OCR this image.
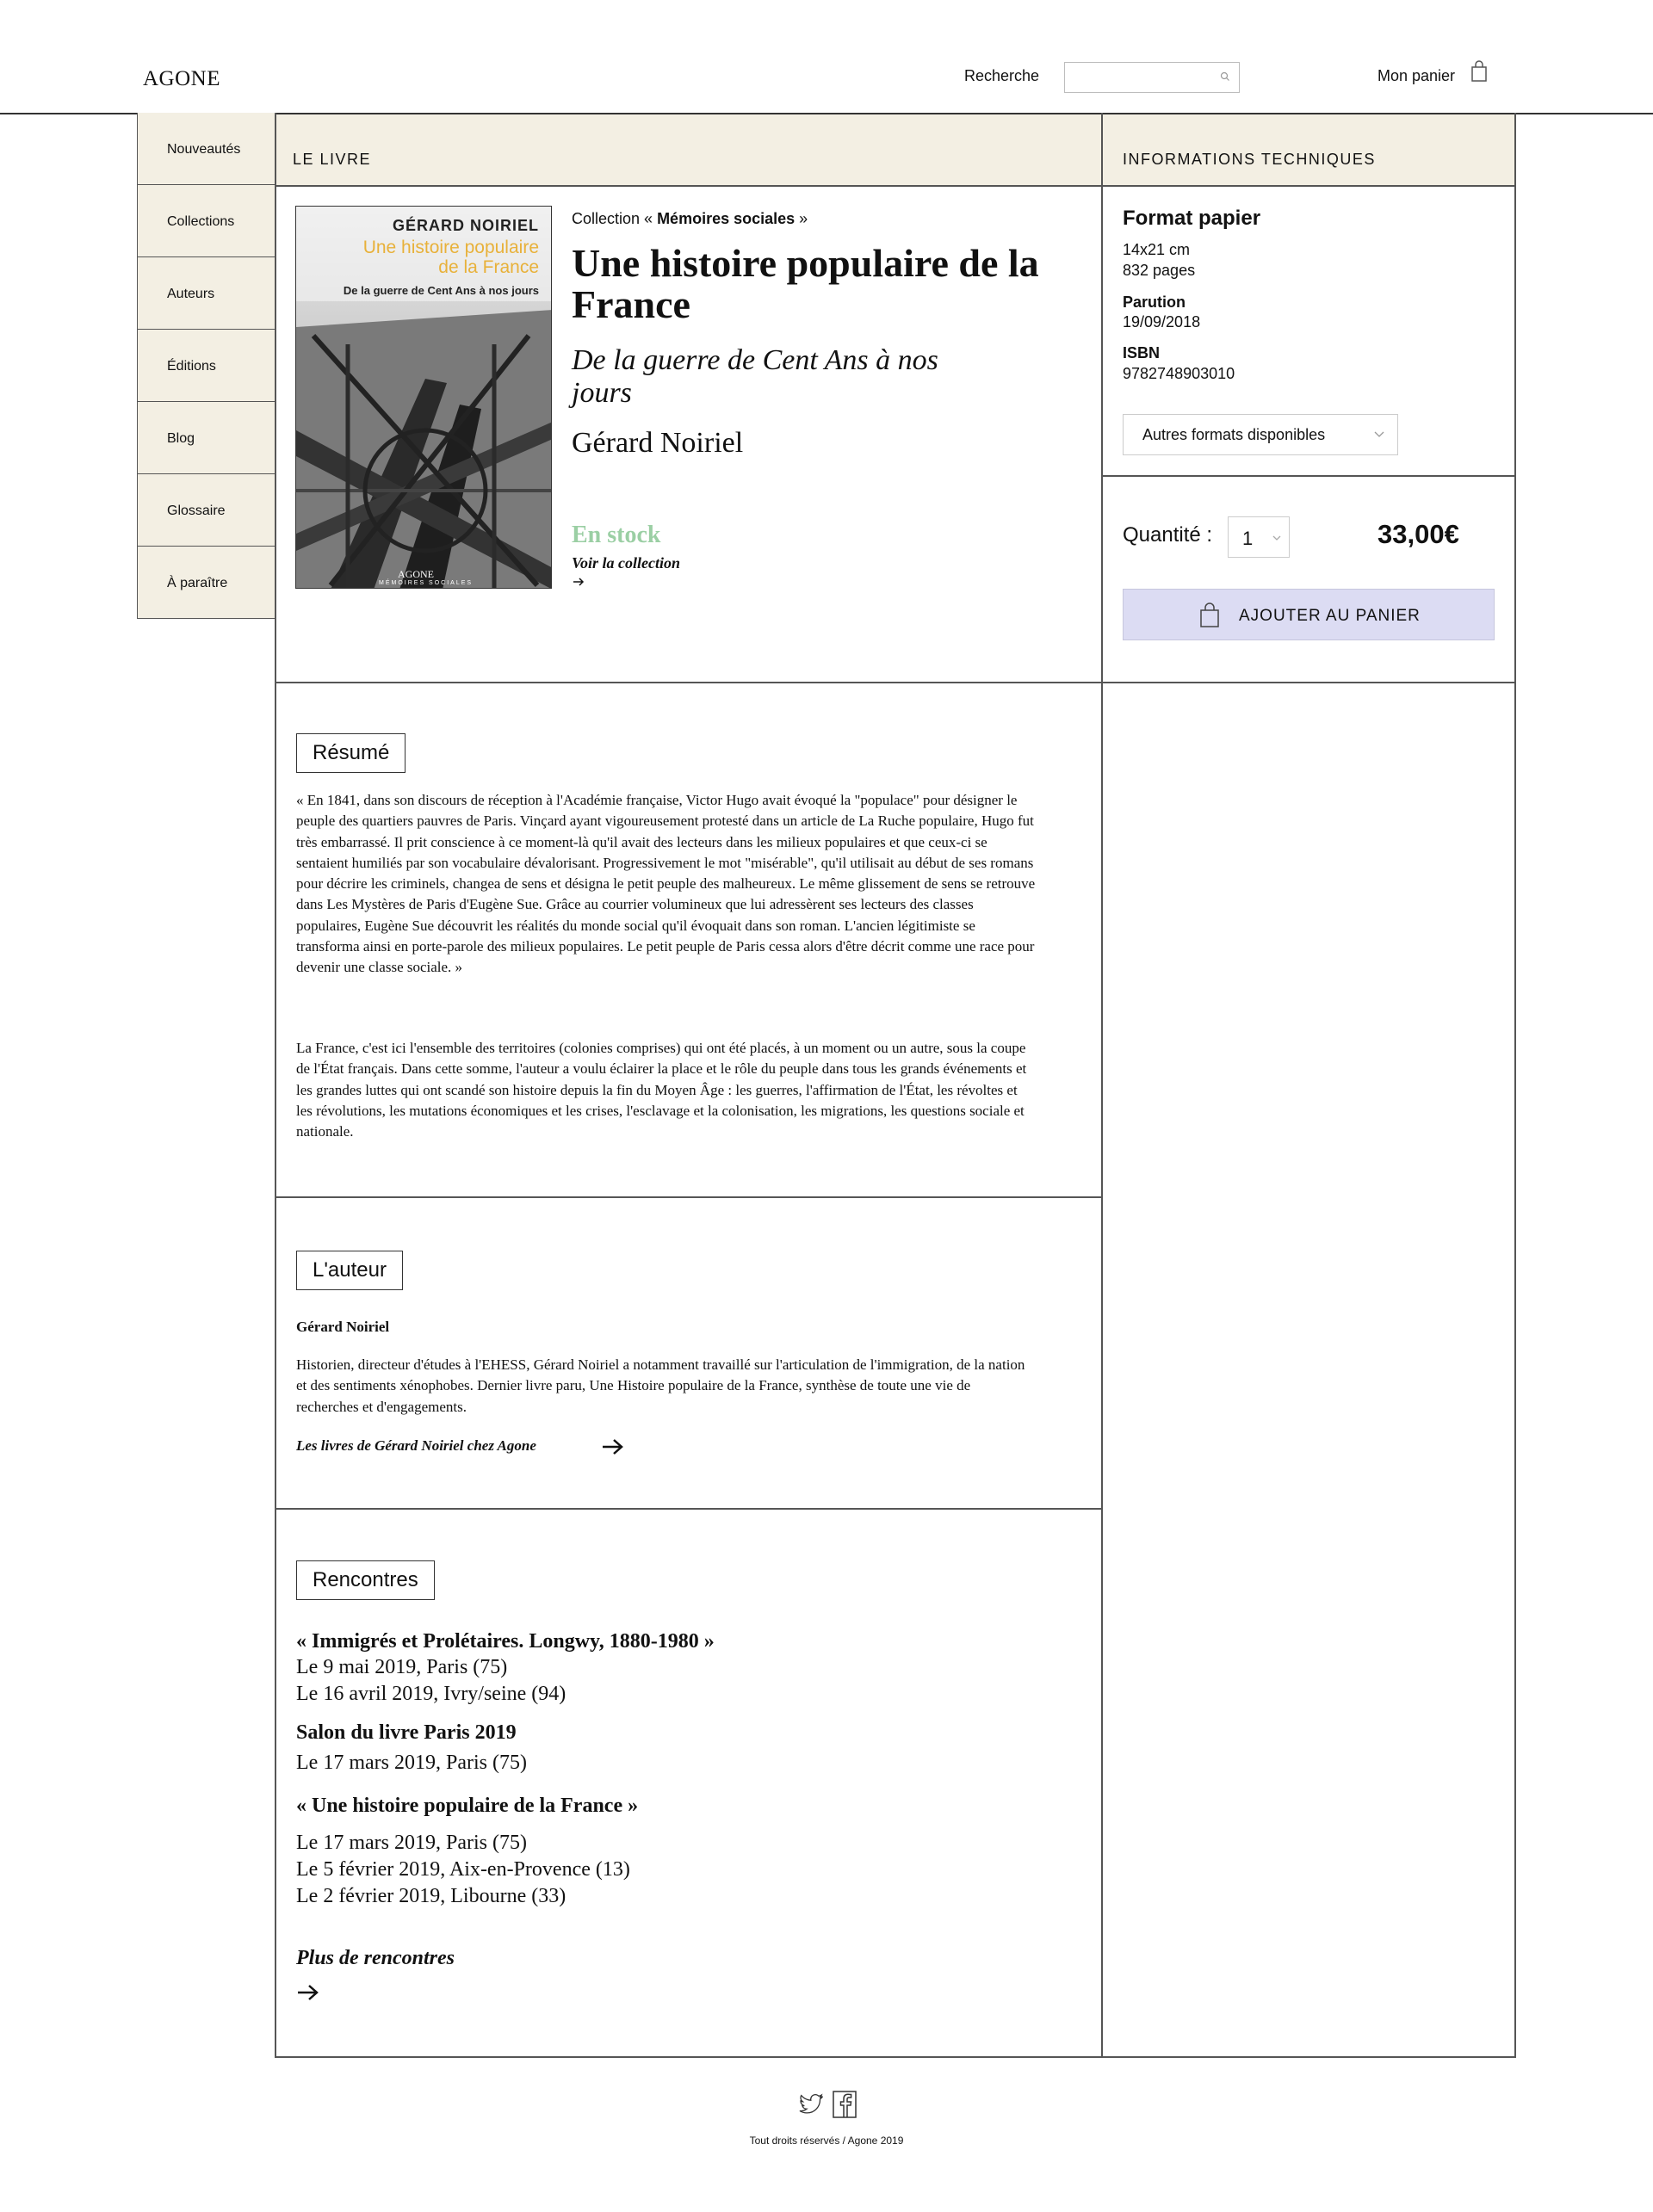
AGONE	Recherche	Mon panier
Nouveautés
Collections
Auteurs
Éditions
Blog
Glossaire
À paraître
LE LIVRE	INFORMATIONS TECHNIQUES
GÉRARD NOIRIEL
Une histoire populaire
de la France
De la guerre de Cent Ans à nos jours
AGONE
MÉMOIRES SOCIALES
Collection « Mémoires sociales »
Une histoire populaire de la France
De la guerre de Cent Ans à nos jours
Gérard Noiriel
En stock
Voir la collection
Format papier
14x21 cm
832 pages
Parution
19/09/2018
ISBN
9782748903010
Autres formats disponibles
Quantité : 1	33,00€
AJOUTER AU PANIER
Résumé
« En 1841, dans son discours de réception à l'Académie française, Victor Hugo avait évoqué la "populace" pour désigner le peuple des quartiers pauvres de Paris. Vinçard ayant vigoureusement protesté dans un article de La Ruche populaire, Hugo fut très embarrassé. Il prit conscience à ce moment-là qu'il avait des lecteurs dans les milieux populaires et que ceux-ci se sentaient humiliés par son vocabulaire dévalorisant. Progressivement le mot "misérable", qu'il utilisait au début de ses romans pour décrire les criminels, changea de sens et désigna le petit peuple des malheureux. Le même glissement de sens se retrouve dans Les Mystères de Paris d'Eugène Sue. Grâce au courrier volumineux que lui adressèrent ses lecteurs des classes populaires, Eugène Sue découvrit les réalités du monde social qu'il évoquait dans son roman. L'ancien légitimiste se transforma ainsi en porte-parole des milieux populaires. Le petit peuple de Paris cessa alors d'être décrit comme une race pour devenir une classe sociale. »
La France, c'est ici l'ensemble des territoires (colonies comprises) qui ont été placés, à un moment ou un autre, sous la coupe de l'État français. Dans cette somme, l'auteur a voulu éclairer la place et le rôle du peuple dans tous les grands événements et les grandes luttes qui ont scandé son histoire depuis la fin du Moyen Âge : les guerres, l'affirmation de l'État, les révoltes et les révolutions, les mutations économiques et les crises, l'esclavage et la colonisation, les migrations, les questions sociale et nationale.
L'auteur
Gérard Noiriel
Historien, directeur d'études à l'EHESS, Gérard Noiriel a notamment travaillé sur l'articulation de l'immigration, de la nation et des sentiments xénophobes. Dernier livre paru, Une Histoire populaire de la France, synthèse de toute une vie de recherches et d'engagements.
Les livres de Gérard Noiriel chez Agone
Rencontres
« Immigrés et Prolétaires. Longwy, 1880-1980 »
Le 9 mai 2019, Paris (75)
Le 16 avril 2019, Ivry/seine (94)
Salon du livre Paris 2019
Le 17 mars 2019, Paris (75)
« Une histoire populaire de la France »
Le 17 mars 2019, Paris (75)
Le 5 février 2019, Aix-en-Provence (13)
Le 2 février 2019, Libourne (33)
Plus de rencontres
Tout droits réservés / Agone 2019
